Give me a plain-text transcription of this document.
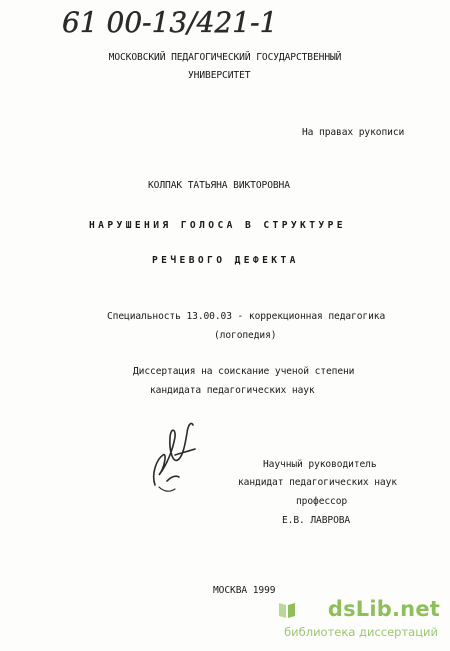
61 00-13/421-1
МОСКОВСКИЙ ПЕДАГОГИЧЕСКИЙ ГОСУДАРСТВЕННЫЙ
УНИВЕРСИТЕТ
На правах рукописи
КОЛПАК ТАТЬЯНА ВИКТОРОВНА
НАРУШЕНИЯ ГОЛОСА В СТРУКТУРЕ
РЕЧЕВОГО ДЕФЕКТА
Специальность 13.00.03 - коррекционная педагогика
(логопедия)
Диссертация на соискание ученой степени
кандидата педагогических наук
Научный руководитель
кандидат педагогических наук
профессор
Е.В. ЛАВРОВА
МОСКВА 1999
dsLib.net
библиотека диссертаций
